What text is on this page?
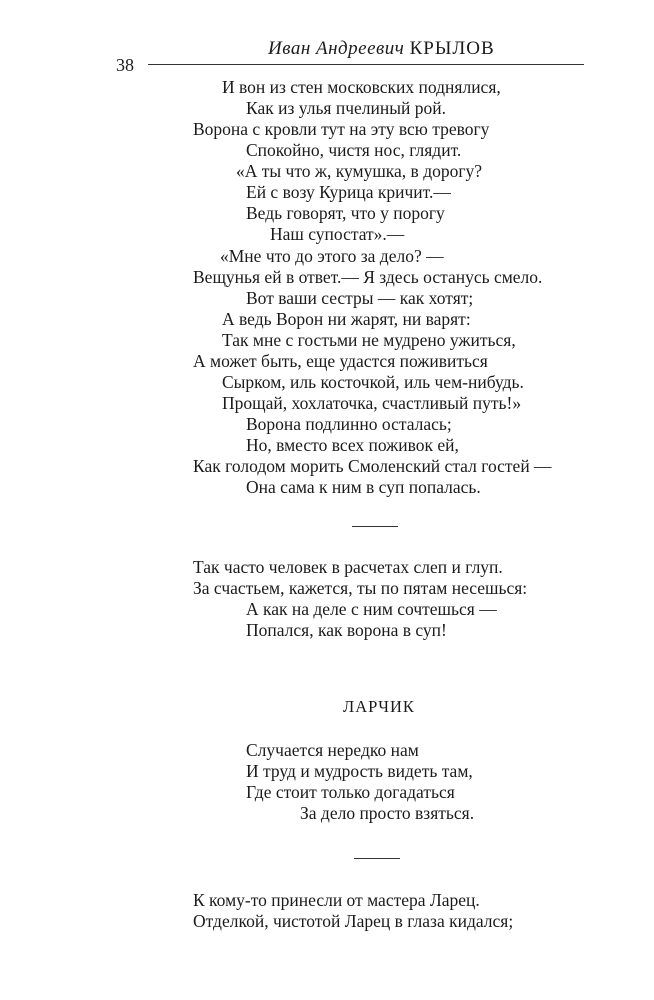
38
Иван Андреевич КРЫЛОВ
И вон из стен московских поднялися,
Как из улья пчелиный рой.
Ворона с кровли тут на эту всю тревогу
Спокойно, чистя нос, глядит.
«А ты что ж, кумушка, в дорогу?
Ей с возу Курица кричит.—
Ведь говорят, что у порогу
Наш супостат».—
«Мне что до этого за дело? —
Вещунья ей в ответ.— Я здесь останусь смело.
Вот ваши сестры — как хотят;
А ведь Ворон ни жарят, ни варят:
Так мне с гостьми не мудрено ужиться,
А может быть, еще удастся поживиться
Сырком, иль косточкой, иль чем-нибудь.
Прощай, хохлаточка, счастливый путь!»
Ворона подлинно осталась;
Но, вместо всех поживок ей,
Как голодом морить Смоленский стал гостей —
Она сама к ним в суп попалась.
Так часто человек в расчетах слеп и глуп.
За счастьем, кажется, ты по пятам несешься:
А как на деле с ним сочтешься —
Попался, как ворона в суп!
ЛАРЧИК
Случается нередко нам
И труд и мудрость видеть там,
Где стоит только догадаться
За дело просто взяться.
К кому-то принесли от мастера Ларец.
Отделкой, чистотой Ларец в глаза кидался;
